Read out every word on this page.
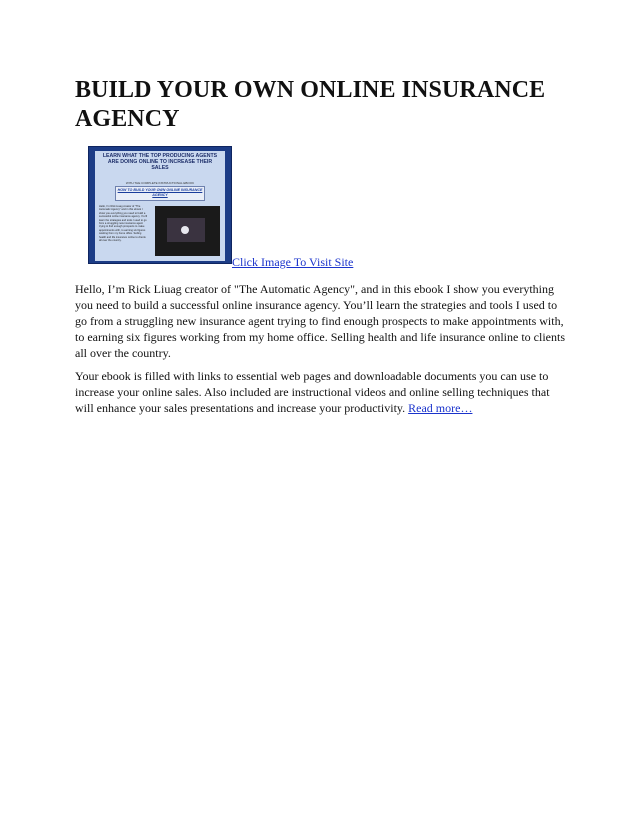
BUILD YOUR OWN ONLINE INSURANCE AGENCY
LEARN WHAT THE TOP PRODUCING AGENTS ARE DOING ONLINE TO INCREASE THEIR SALES
WITH THE COMPLETE INSTRUCTIONAL EBOOK
HOW TO BUILD YOUR OWN ONLINE INSURANCE AGENCY
Hello, I'm Rick Liuag creator of "The Automatic Agency" and in this ebook I show you everything you need to build a successful online insurance agency. You'll learn the strategies and tools I used to go from a struggling new insurance agent trying to find enough prospects to make appointments with, to earning six figures working from my home office. Selling health and life insurance online to clients all over the country.
Click Image To Visit Site

Hello, I’m Rick Liuag creator of "The Automatic Agency", and in this ebook I show you everything you need to build a successful online insurance agency. You’ll learn the strategies and tools I used to go from a struggling new insurance agent trying to find enough prospects to make appointments with, to earning six figures working from my home office. Selling health and life insurance online to clients all over the country.

Your ebook is filled with links to essential web pages and downloadable documents you can use to increase your online sales. Also included are instructional videos and online selling techniques that will enhance your sales presentations and increase your productivity. Read more…
